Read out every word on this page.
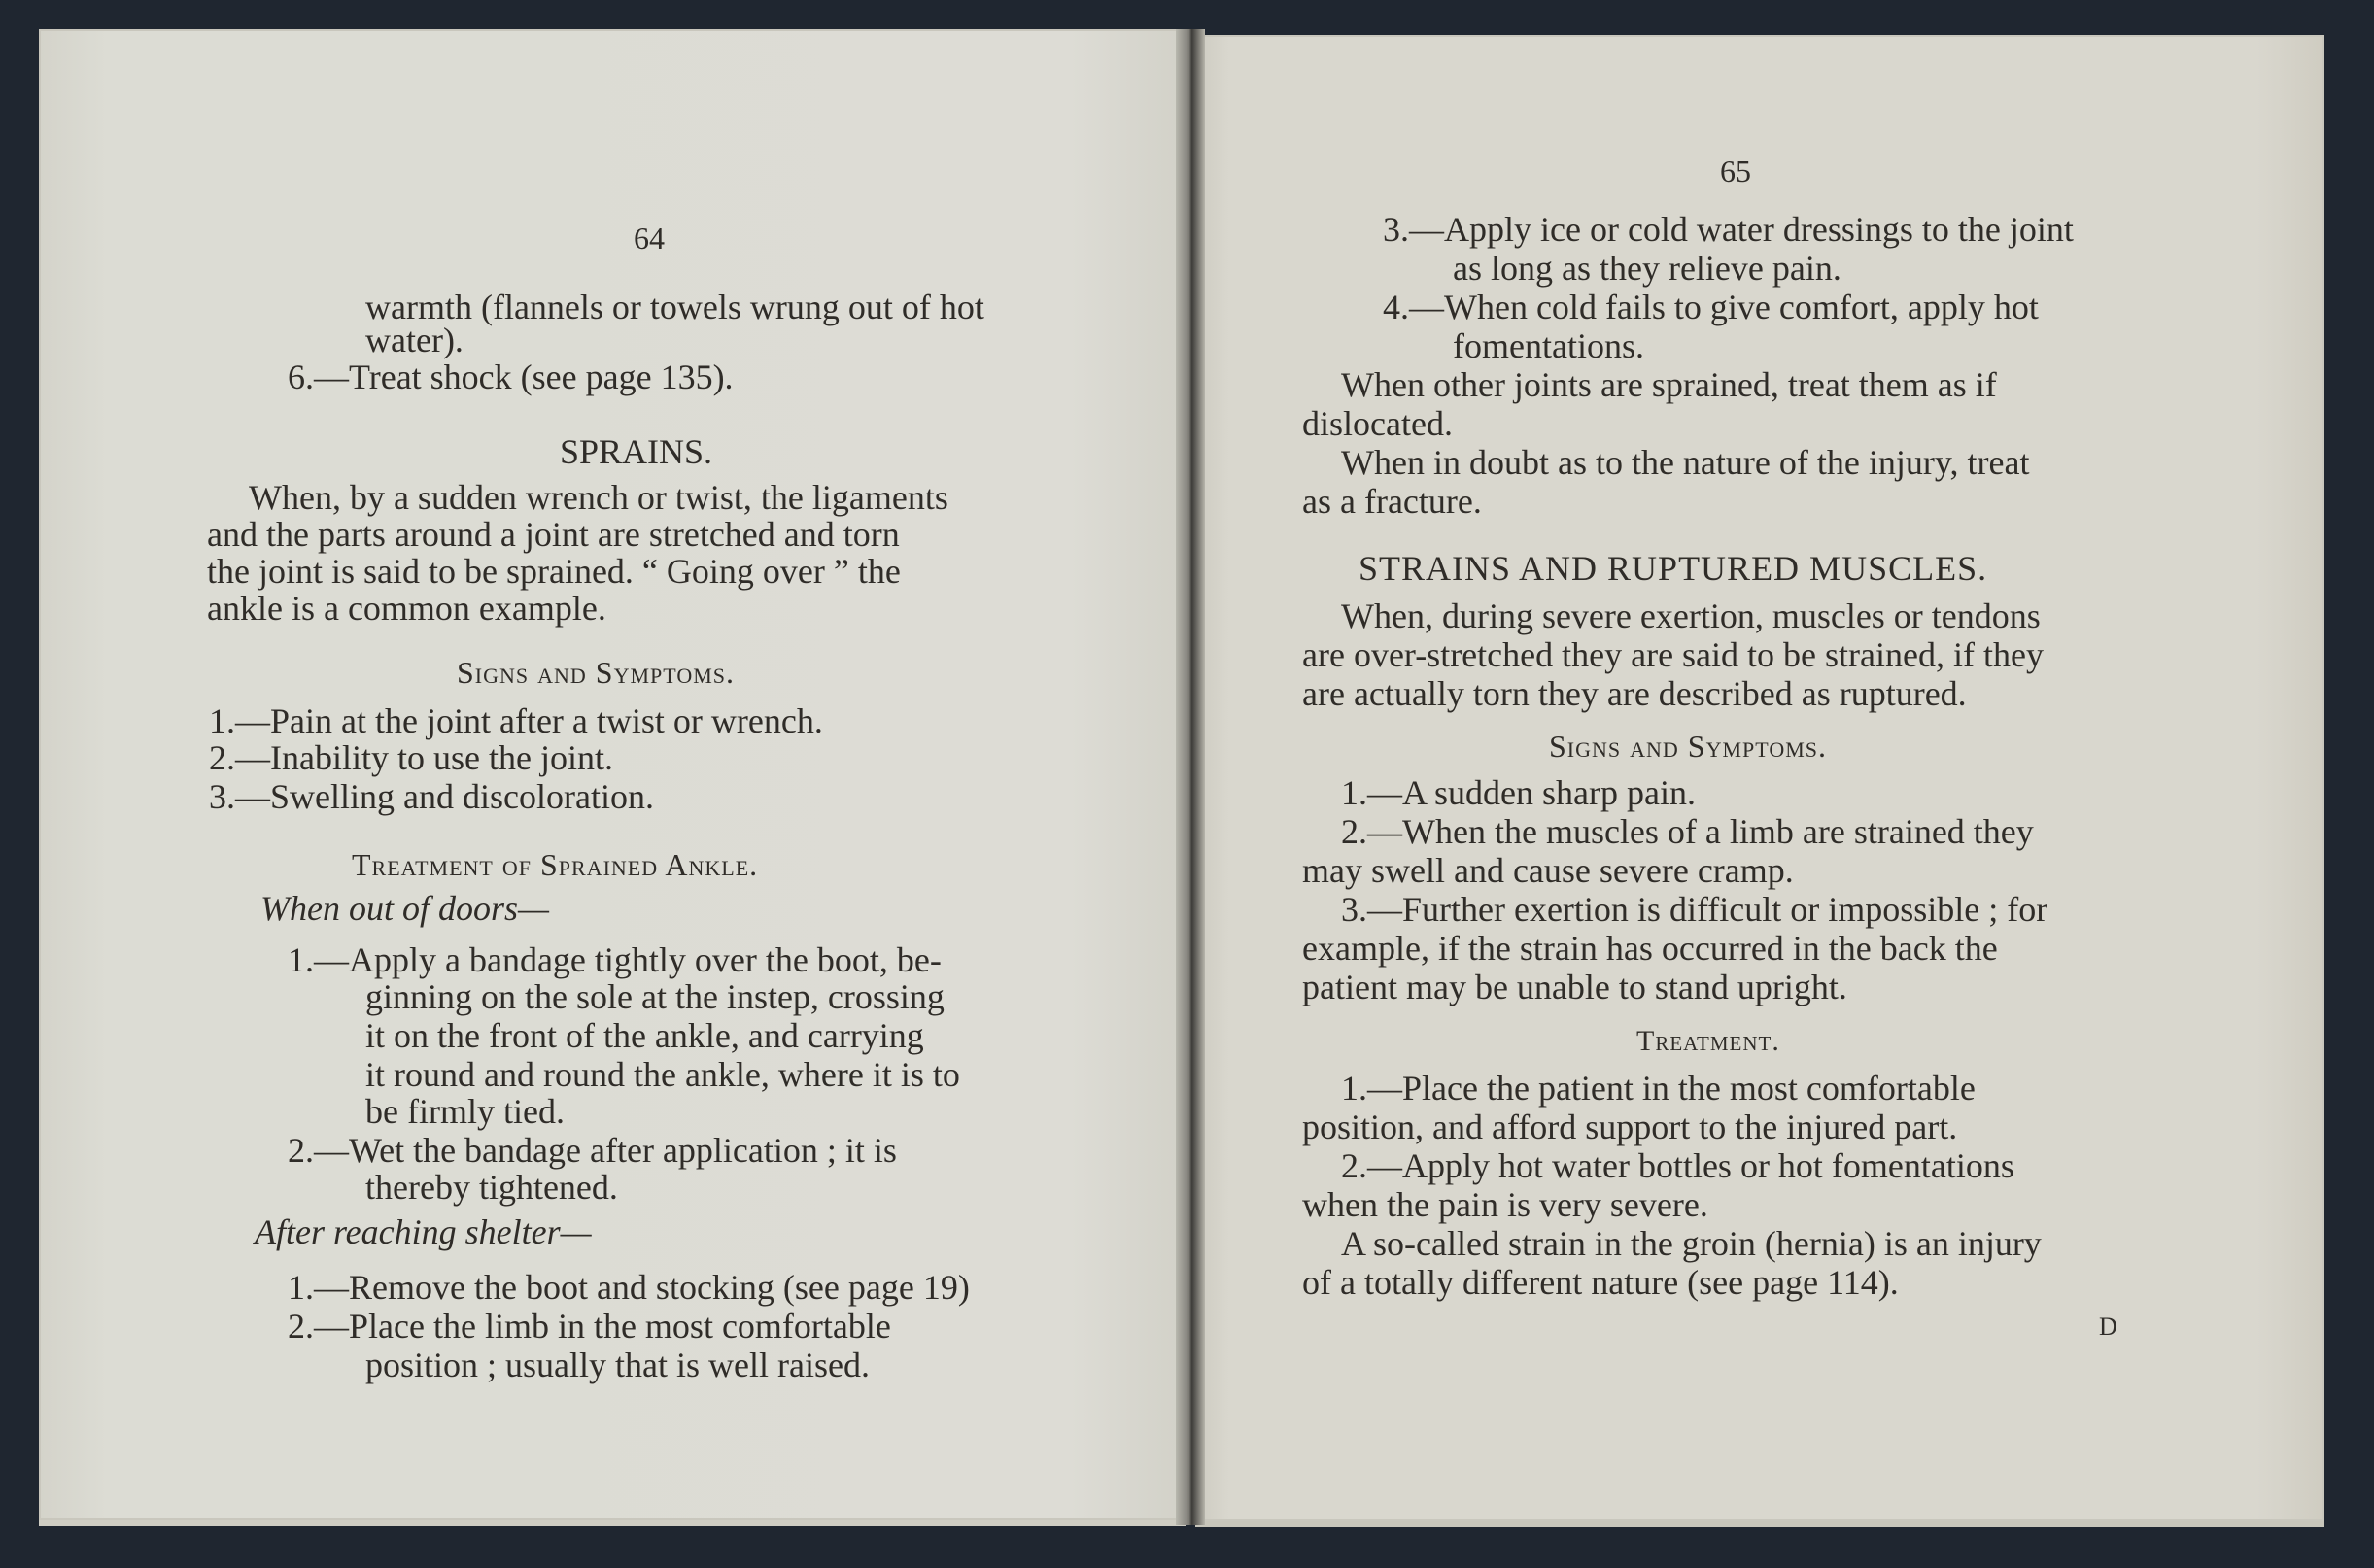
64
warmth (flannels or towels wrung out of hot
water).
6.—Treat shock (see page 135).
SPRAINS.
When, by a sudden wrench or twist, the ligaments
and the parts around a joint are stretched and torn
the joint is said to be sprained. “ Going over ” the
ankle is a common example.
Signs and Symptoms.
1.—Pain at the joint after a twist or wrench.
2.—Inability to use the joint.
3.—Swelling and discoloration.
Treatment of Sprained Ankle.
When out of doors—
1.—Apply a bandage tightly over the boot, be-
ginning on the sole at the instep, crossing
it on the front of the ankle, and carrying
it round and round the ankle, where it is to
be firmly tied.
2.—Wet the bandage after application ; it is
thereby tightened.
After reaching shelter—
1.—Remove the boot and stocking (see page 19)
2.—Place the limb in the most comfortable
position ; usually that is well raised.
65
3.—Apply ice or cold water dressings to the joint
as long as they relieve pain.
4.—When cold fails to give comfort, apply hot
fomentations.
When other joints are sprained, treat them as if
dislocated.
When in doubt as to the nature of the injury, treat
as a fracture.
STRAINS AND RUPTURED MUSCLES.
When, during severe exertion, muscles or tendons
are over-stretched they are said to be strained, if they
are actually torn they are described as ruptured.
Signs and Symptoms.
1.—A sudden sharp pain.
2.—When the muscles of a limb are strained they
may swell and cause severe cramp.
3.—Further exertion is difficult or impossible ; for
example, if the strain has occurred in the back the
patient may be unable to stand upright.
Treatment.
1.—Place the patient in the most comfortable
position, and afford support to the injured part.
2.—Apply hot water bottles or hot fomentations
when the pain is very severe.
A so-called strain in the groin (hernia) is an injury
of a totally different nature (see page 114).
D
